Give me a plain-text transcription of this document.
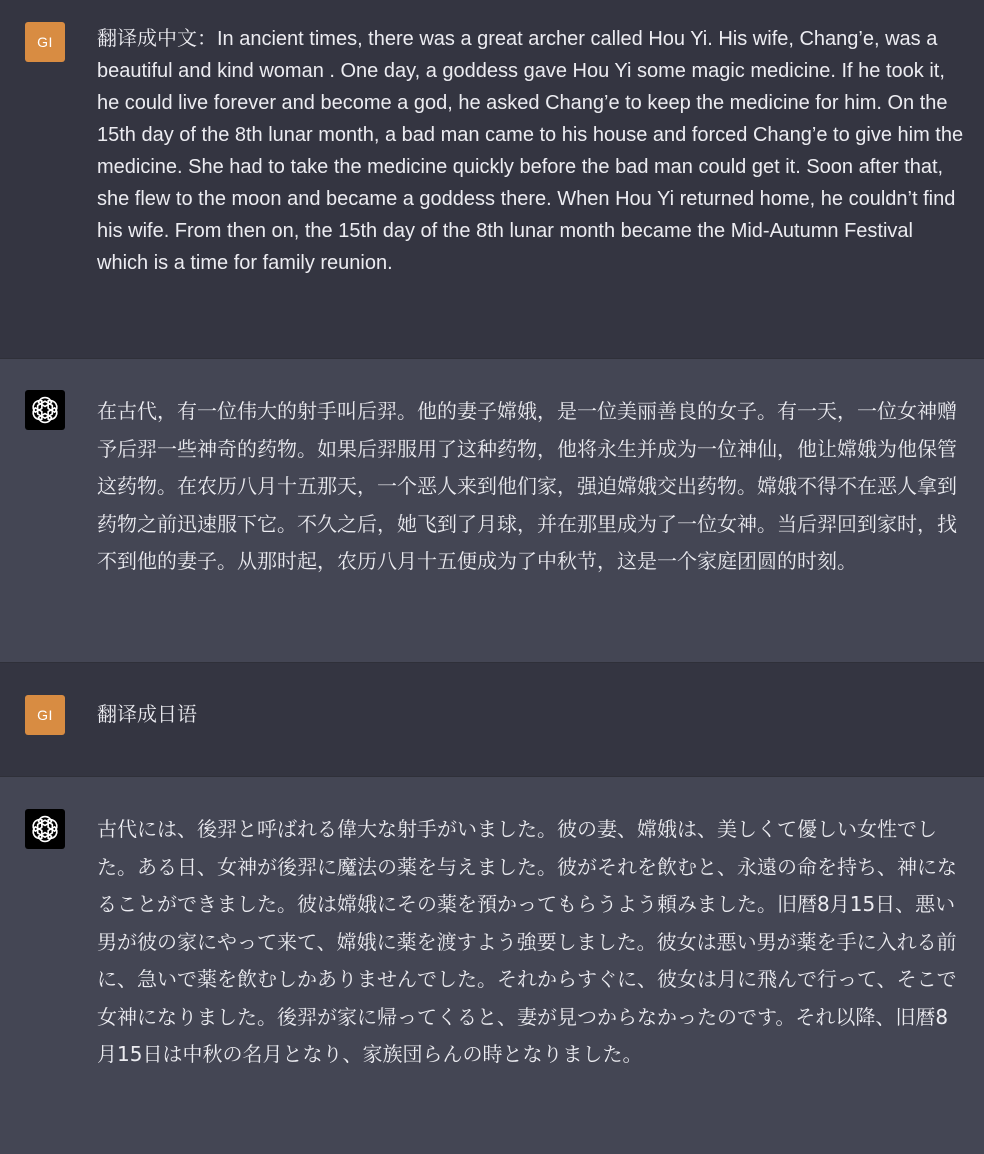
GI 翻译成中文：In ancient times, there was a great archer called Hou Yi. His wife, Chang’e, was a beautiful and kind woman . One day, a goddess gave Hou Yi some magic medicine. If he took it, he could live forever and become a god, he asked Chang’e to keep the medicine for him. On the 15th day of the 8th lunar month, a bad man came to his house and forced Chang’e to give him the medicine. She had to take the medicine quickly before the bad man could get it. Soon after that, she flew to the moon and became a goddess there. When Hou Yi returned home, he couldn’t find his wife. From then on, the 15th day of the 8th lunar month became the Mid-Autumn Festival which is a time for family reunion.

在古代，有一位伟大的射手叫后羿。他的妻子嫦娥，是一位美丽善良的女子。有一天，一位女神赠予后羿一些神奇的药物。如果后羿服用了这种药物，他将永生并成为一位神仙，他让嫦娥为他保管这药物。在农历八月十五那天，一个恶人来到他们家，强迫嫦娥交出药物。嫦娥不得不在恶人拿到药物之前迅速服下它。不久之后，她飞到了月球，并在那里成为了一位女神。当后羿回到家时，找不到他的妻子。从那时起，农历八月十五便成为了中秋节，这是一个家庭团圆的时刻。

GI 翻译成日语

古代には、後羿と呼ばれる偉大な射手がいました。彼の妻、嫦娥は、美しくて優しい女性でした。ある日、女神が後羿に魔法の薬を与えました。彼がそれを飲むと、永遠の命を持ち、神になることができました。彼は嫦娥にその薬を預かってもらうよう頼みました。旧暦8月15日、悪い男が彼の家にやって来て、嫦娥に薬を渡すよう強要しました。彼女は悪い男が薬を手に入れる前に、急いで薬を飲むしかありませんでした。それからすぐに、彼女は月に飛んで行って、そこで女神になりました。後羿が家に帰ってくると、妻が見つからなかったのです。それ以降、旧暦8月15日は中秋の名月となり、家族団らんの時となりました。
